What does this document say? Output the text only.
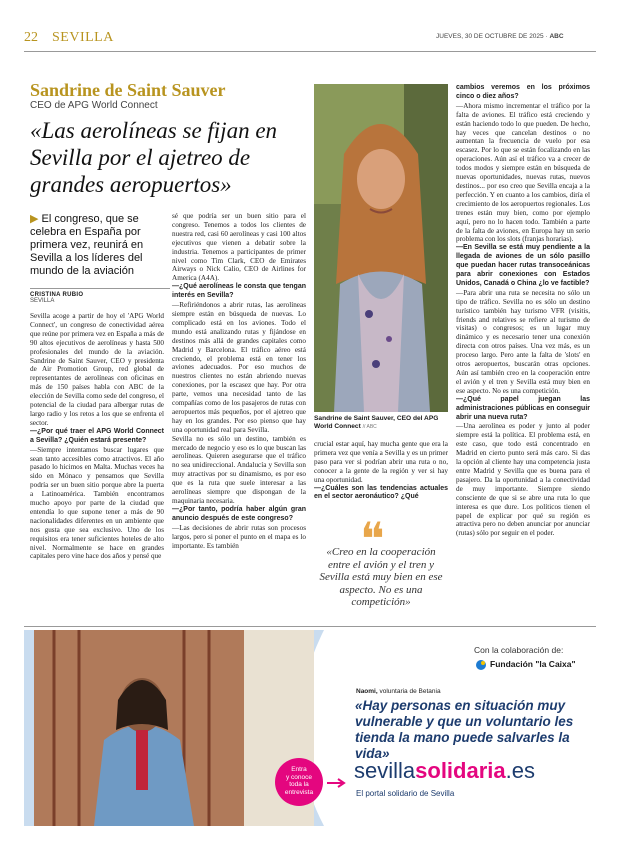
22 SEVILLA	JUEVES, 30 DE OCTUBRE DE 2025 · ABC
Sandrine de Saint Sauver
CEO de APG World Connect
«Las aerolíneas se fijan en Sevilla por el ajetreo de grandes aeropuertos»
▶ El congreso, que se celebra en España por primera vez, reunirá en Sevilla a los líderes del mundo de la aviación
CRISTINA RUBIO
SEVILLA

Sevilla acoge a partir de hoy el 'APG World Connect', un congreso de conectividad aérea que reúne por primera vez en España a más de 90 altos ejecutivos de aerolíneas y hasta 500 profesionales del mundo de la aviación. Sandrine de Saint Sauver, CEO y presidenta de Air Promotion Group, red global de representantes de aerolíneas con oficinas en más de 150 países habla con ABC de la elección de Sevilla como sede del congreso, el potencial de la ciudad para albergar rutas de largo radio y los retos a los que se enfrenta el sector.

—¿Por qué traer el APG World Connect a Sevilla? ¿Quién estará presente?

—Siempre intentamos buscar lugares que sean tanto accesibles como atractivos. El año pasado lo hicimos en Malta. Muchas veces ha sido en Mónaco y pensamos que Sevilla podría ser un buen sitio porque abre la puerta a Latinoamérica. También encontramos mucho apoyo por parte de la ciudad que entendía lo que supone tener a más de 90 nacionalidades diferentes en un ambiente que nos gusta que sea exclusivo. Uno de los requisitos era tener suficientes hoteles de alto nivel. Normalmente se hace en grandes capitales pero vine hace dos años y pensé que

sé que podría ser un buen sitio para el congreso. Tenemos a todos los clientes de nuestra red, casi 60 aerolíneas y casi 100 altos ejecutivos que vienen a debatir sobre la industria. Tenemos a participantes de primer nivel como Tim Clark, CEO de Emirates Airways o Nick Calio, CEO de Airlines for America (A4A).

—¿Qué aerolíneas le consta que tengan interés en Sevilla?

—Refiriéndonos a abrir rutas, las aerolíneas siempre están en búsqueda de nuevas. Lo complicado está en los aviones. Todo el mundo está analizando rutas y fijándose en destinos más allá de grandes capitales como Madrid y Barcelona. El tráfico aéreo está creciendo, el problema está en tener los aviones adecuados. Por eso muchos de nuestros clientes no están abriendo nuevas conexiones, por la escasez que hay. Por otra parte, vemos una necesidad tanto de las compañías como de los pasajeros de rutas con aeropuertos más pequeños, por el ajetreo que hay en los grandes. Por eso pienso que hay una oportunidad real para Sevilla.

Sevilla no es sólo un destino, también es mercado de negocio y eso es lo que buscan las aerolíneas. Quieren asegurarse que el tráfico no sea unidireccional. Andalucía y Sevilla son muy atractivas por su dinamismo, es por eso que es la ruta que suele interesar a las aerolíneas siempre que dispongan de la maquinaria necesaria.

—¿Por tanto, podría haber algún gran anuncio después de este congreso?

—Las decisiones de abrir rutas son procesos largos, pero si poner el punto en el mapa es lo importante. Es también

crucial estar aquí, hay mucha gente que era la primera vez que venía a Sevilla y es un primer paso para ver si podrían abrir una ruta o no, conocer a la gente de la región y ver si hay una oportunidad.

—¿Cuáles son las tendencias actuales en el sector aeronáutico? ¿Qué

cambios veremos en los próximos cinco o diez años?

—Ahora mismo incrementar el tráfico por la falta de aviones. El tráfico está creciendo y están haciendo todo lo que pueden. De hecho, hay veces que cancelan destinos o no aumentan la frecuencia de vuelo por esa escasez. Por lo que se están focalizando en las operaciones. Aún así el tráfico va a crecer de todos modos y siempre están en búsqueda de nuevas oportunidades, nuevas rutas, nuevos destinos... por eso creo que Sevilla encaja a la perfección. Y en cuanto a los cambios, diría el crecimiento de los aeropuertos regionales. Los trenes están muy bien, como por ejemplo aquí, pero no lo hacen todo. También a parte de la falta de aviones, en Europa hay un serio problema con los slots (franjas horarias).

—En Sevilla se está muy pendiente a la llegada de aviones de un sólo pasillo que puedan hacer rutas transoceánicas para abrir conexiones con Estados Unidos, Canadá o China ¿lo ve factible?

—Para abrir una ruta se necesita no sólo un tipo de tráfico. Sevilla no es sólo un destino turístico también hay turismo VFR (visitis, friends and relatives se refiere al turismo de visitas) o congresos; es un lugar muy dinámico y es necesario tener una conexión directa con otros países. Una vez más, es un proceso largo. Pero ante la falta de 'slots' en otros aeropuertos, buscarán otras opciones. Aún así también creo en la cooperación entre el avión y el tren y Sevilla está muy bien en ese aspecto. No es una competición.

—¿Qué papel juegan las administraciones públicas en conseguir abrir una nueva ruta?

—Una aerolínea es poder y junto al poder siempre está la política. El problema está, en este caso, que todo está concentrado en Madrid en cierto punto será más caro. Si das la opción al cliente hay una competencia justa entre Madrid y Sevilla que es buena para el pasajero. Da la oportunidad a la conectividad de muy importante. Siempre siendo consciente de que si se abre una ruta lo que interesa es que dure. Los políticos tienen el papel de explicar por qué su región es atractiva pero no deben anunciar por anunciar (rutas) sólo por seguir en el poder.

Sandrine de Saint Sauver, CEO del APG World Connect // ABC
❝
«Creo en la cooperación entre el avión y el tren y Sevilla está muy bien en ese aspecto. No es una competición»
Con la colaboración de:
Fundación "la Caixa"
Naomi, voluntaria de Betania
«Hay personas en situación muy vulnerable y que un voluntario les tienda la mano puede salvarles la vida»
sevillasolidaria.es
El portal solidario de Sevilla
Entra
y conoce
toda la
entrevista
